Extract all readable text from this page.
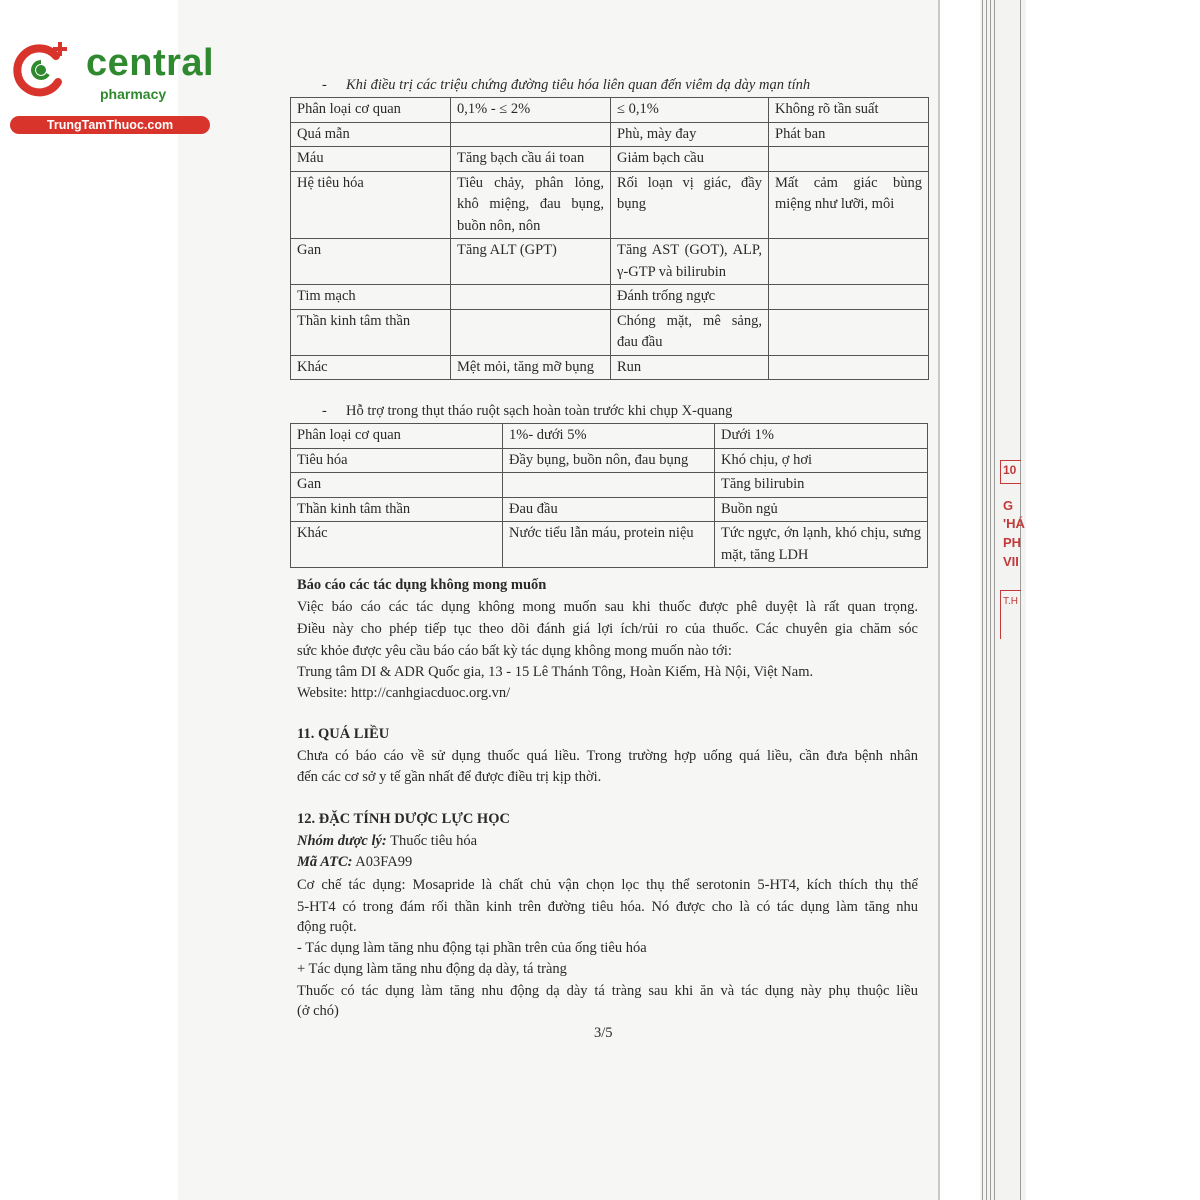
10
G
'HÁ
PH
VII
T.H
central
pharmacy
TrungTamThuoc.com
- Khi điều trị các triệu chứng đường tiêu hóa liên quan đến viêm dạ dày mạn tính
Phân loại cơ quan	0,1% - ≤ 2%	≤ 0,1%	Không rõ tần suất
Quá mẫn		Phù, mày đay	Phát ban
Máu	Tăng bạch cầu ái toan	Giảm bạch cầu	
Hệ tiêu hóa	Tiêu chảy, phân lỏng, khô miệng, đau bụng, buồn nôn, nôn	Rối loạn vị giác, đầy bụng	Mất cảm giác bùng miệng như lưỡi, môi
Gan	Tăng ALT (GPT)	Tăng AST (GOT), ALP, γ-GTP và bilirubin	
Tim mạch		Đánh trống ngực	
Thần kinh tâm thần		Chóng mặt, mê sảng, đau đầu	
Khác	Mệt mỏi, tăng mỡ bụng	Run	
- Hỗ trợ trong thụt tháo ruột sạch hoàn toàn trước khi chụp X-quang
Phân loại cơ quan	1%- dưới 5%	Dưới 1%
Tiêu hóa	Đầy bụng, buồn nôn, đau bụng	Khó chịu, ợ hơi
Gan		Tăng bilirubin
Thần kinh tâm thần	Đau đầu	Buồn ngủ
Khác	Nước tiểu lẫn máu, protein niệu	Tức ngực, ớn lạnh, khó chịu, sưng mặt, tăng LDH
Báo cáo các tác dụng không mong muốn
Việc báo cáo các tác dụng không mong muốn sau khi thuốc được phê duyệt là rất quan trọng.
Điều này cho phép tiếp tục theo dõi đánh giá lợi ích/rủi ro của thuốc. Các chuyên gia chăm sóc
sức khỏe được yêu cầu báo cáo bất kỳ tác dụng không mong muốn nào tới:
Trung tâm DI & ADR Quốc gia, 13 - 15 Lê Thánh Tông, Hoàn Kiếm, Hà Nội, Việt Nam.
Website: http://canhgiacduoc.org.vn/
11. QUÁ LIỀU
Chưa có báo cáo về sử dụng thuốc quá liều. Trong trường hợp uống quá liều, cần đưa bệnh nhân
đến các cơ sở y tế gần nhất để được điều trị kịp thời.
12. ĐẶC TÍNH DƯỢC LỰC HỌC
Nhóm dược lý: Thuốc tiêu hóa
Mã ATC: A03FA99
Cơ chế tác dụng: Mosapride là chất chủ vận chọn lọc thụ thể serotonin 5-HT4, kích thích thụ thể
5-HT4 có trong đám rối thần kinh trên đường tiêu hóa. Nó được cho là có tác dụng làm tăng nhu
động ruột.
- Tác dụng làm tăng nhu động tại phần trên của ống tiêu hóa
+ Tác dụng làm tăng nhu động dạ dày, tá tràng
Thuốc có tác dụng làm tăng nhu động dạ dày tá tràng sau khi ăn và tác dụng này phụ thuộc liều
(ở chó)
3/5
